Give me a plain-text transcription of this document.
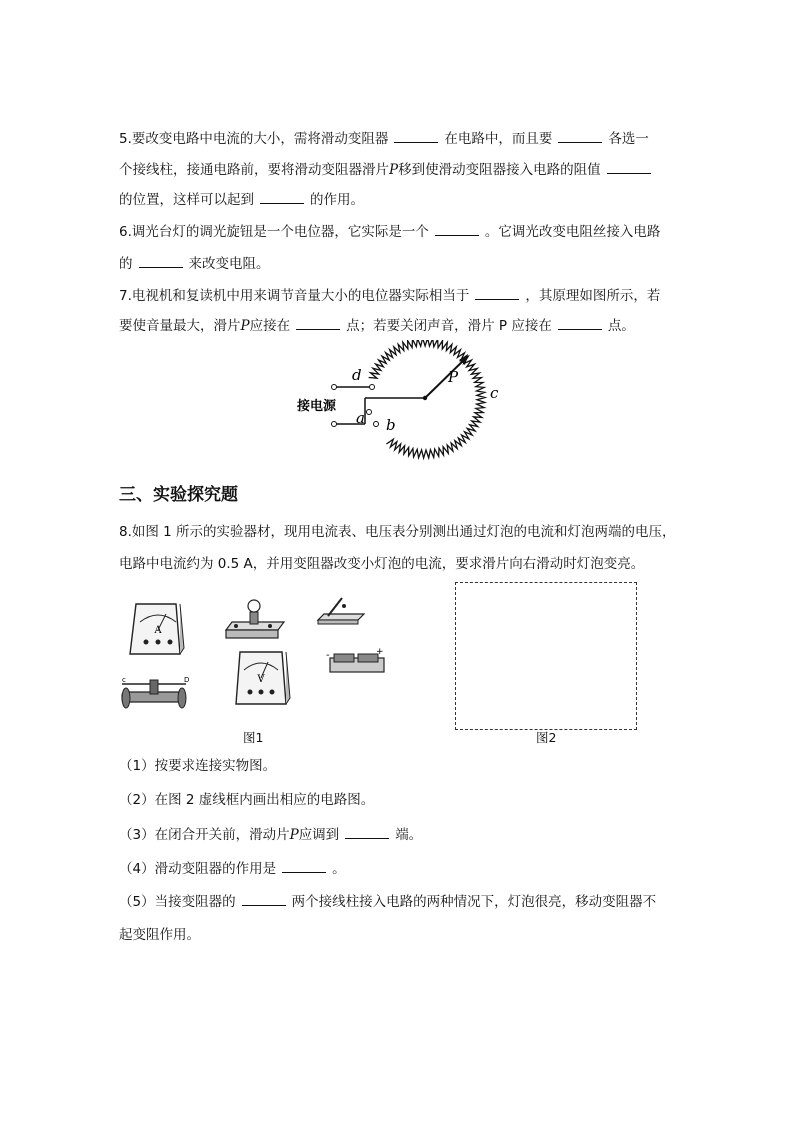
5.要改变电路中电流的大小，需将滑动变阻器	在电路中，而且要	各选一
个接线柱，接通电路前，要将滑动变阻器滑片P移到使滑动变阻器接入电路的阻值
的位置，这样可以起到	的作用。
6.调光台灯的调光旋钮是一个电位器，它实际是一个	。它调光改变电阻丝接入电路
的	来改变电阻。
7.电视机和复读机中用来调节音量大小的电位器实际相当于	，其原理如图所示，若
要使音量最大，滑片P应接在	点；若要关闭声音，滑片 P 应接在	点。
接电源
d
a b
c
P
三、实验探究题
8.如图 1 所示的实验器材，现用电流表、电压表分别测出通过灯泡的电流和灯泡两端的电压，
电路中电流约为 0.5 A，并用变阻器改变小灯泡的电流，要求滑片向右滑动时灯泡变亮。
A
-	+
V
c	D
图1	图2
（1）按要求连接实物图。
（2）在图 2 虚线框内画出相应的电路图。
（3）在闭合开关前，滑动片P应调到	端。
（4）滑动变阻器的作用是	。
（5）当接变阻器的	两个接线柱接入电路的两种情况下，灯泡很亮，移动变阻器不
起变阻作用。
